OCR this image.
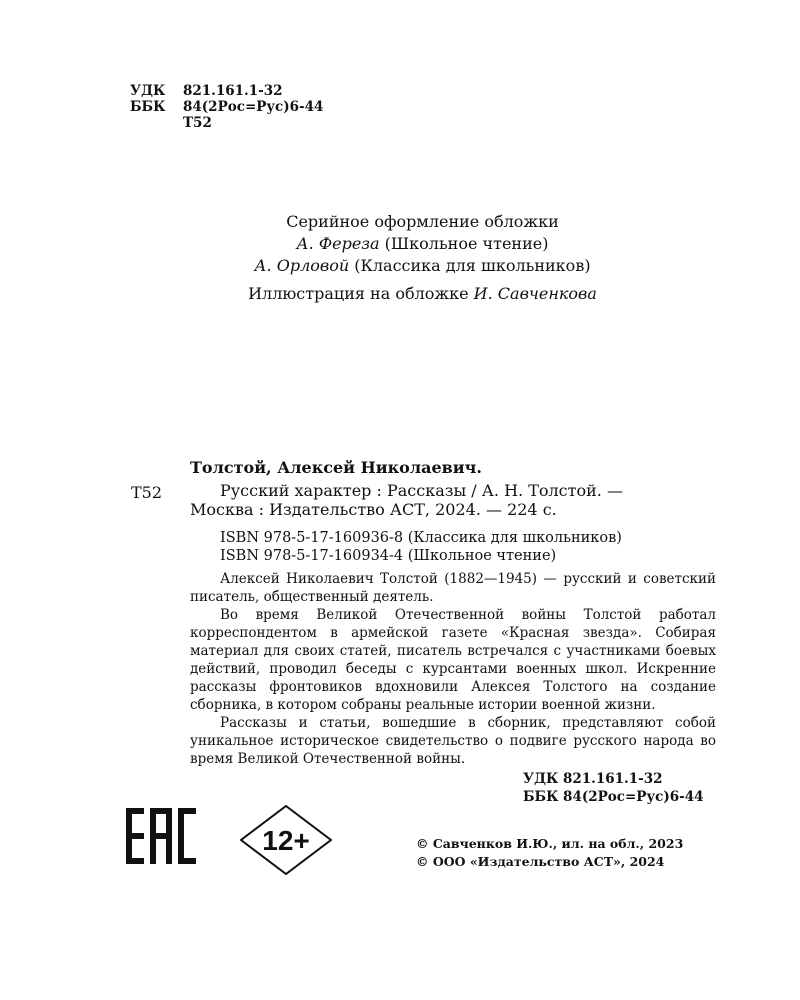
УДК	821.161.1-32
ББК	84(2Рос=Рус)6-44
Т52
Серийное оформление обложки
А. Фереза (Школьное чтение)
А. Орловой (Классика для школьников)
Иллюстрация на обложке И. Савченкова
Т52
Толстой, Алексей Николаевич.
Русский характер : Рассказы / А. Н. Толстой. —
Москва : Издательство АСТ, 2024. — 224 с.
ISBN 978-5-17-160936-8 (Классика для школьников)
ISBN 978-5-17-160934-4 (Школьное чтение)

Алексей Николаевич Толстой (1882—1945) — русский и советский писатель, общественный деятель.

Во время Великой Отечественной войны Толстой работал корреспондентом в армейской газете «Красная звезда». Собирая материал для своих статей, писатель встречался с участниками боевых действий, проводил беседы с курсантами военных школ. Искренние рассказы фронтовиков вдохновили Алексея Толстого на создание сборника, в котором собраны реальные истории военной жизни.

Рассказы и статьи, вошедшие в сборник, представляют собой уникальное историческое свидетельство о подвиге русского народа во время Великой Отечественной войны.

УДК 821.161.1-32
ББК 84(2Рос=Рус)6-44
12+	© Савченков И.Ю., ил. на обл., 2023
© ООО «Издательство АСТ», 2024
